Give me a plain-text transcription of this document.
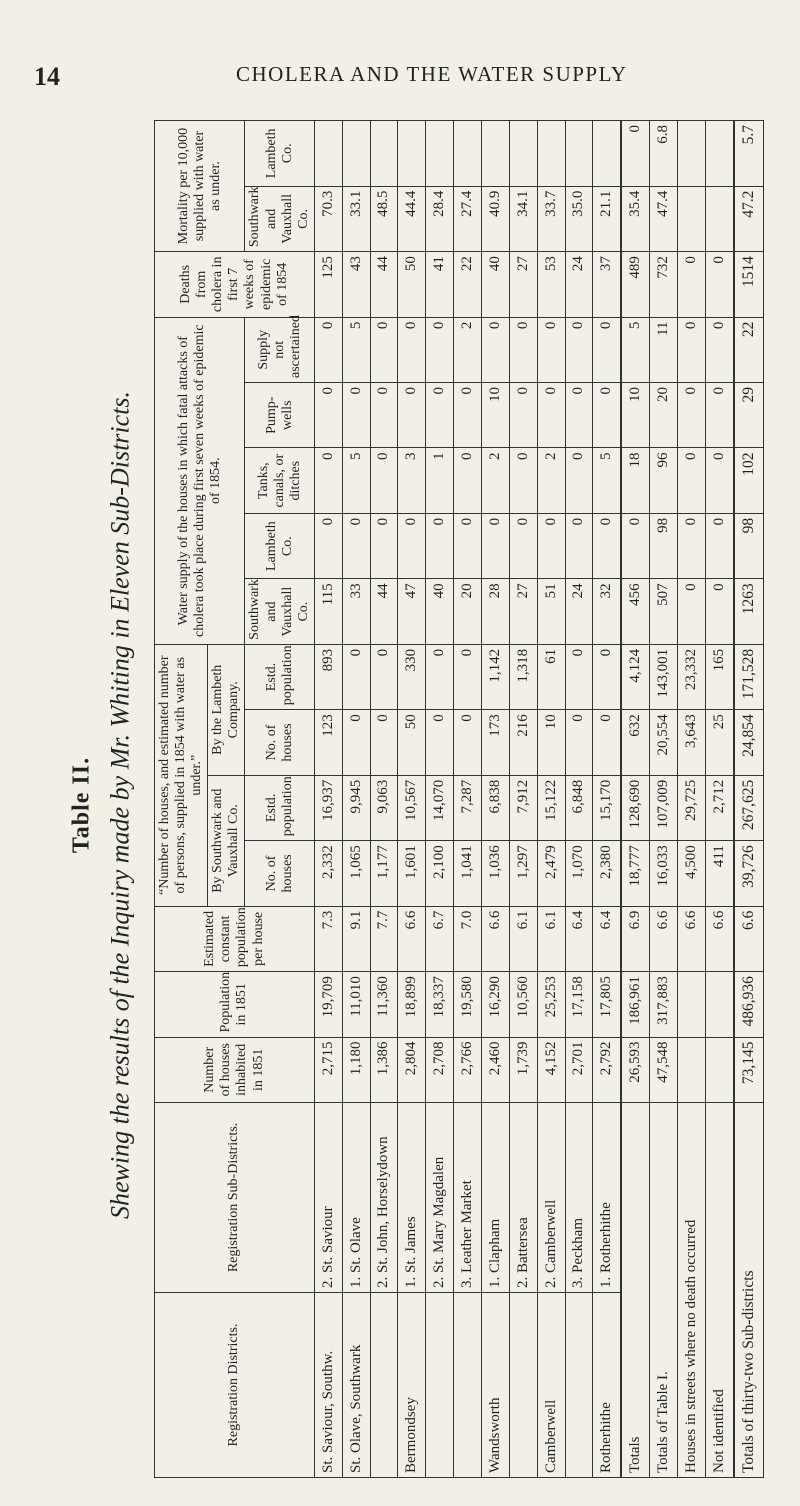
14	CHOLERA AND THE WATER SUPPLY
Table II. Shewing the results of the Inquiry made by Mr. Whiting in Eleven Sub-Districts.
Registration Districts.	Registration Sub-Districts.	Number of houses inhabited in 1851	Population in 1851	Estimated constant population per house	“Number of houses, and estimated number of persons, supplied in 1854 with water as under.”				Water supply of the houses in which fatal attacks of cholera took place during first seven weeks of epidemic of 1854.					Deaths from cholera in first 7 weeks of epidemic of 1854	Mortality per 10,000 supplied with water as under.	
					By Southwark and Vauxhall Co.		By the Lambeth Company.									
					No. of houses	Estd. population	No. of houses	Estd. population	Southwark and Vauxhall Co.	Lambeth Co.	Tanks, canals, or ditches	Pump-wells	Supply not ascertained		Southwark and Vauxhall Co.	Lambeth Co.
St. Saviour, Southw.	2. St. Saviour	2,715	19,709	7.3	2,332	16,937	123	893	115	0	0	0	0	125	70.3	
St. Olave, Southwark	1. St. Olave	1,180	11,010	9.1	1,065	9,945	0	0	33	0	5	0	5	43	33.1	
	2. St. John, Horselydown	1,386	11,360	7.7	1,177	9,063	0	0	44	0	0	0	0	44	48.5	
Bermondsey	1. St. James	2,804	18,899	6.6	1,601	10,567	50	330	47	0	3	0	0	50	44.4	
	2. St. Mary Magdalen	2,708	18,337	6.7	2,100	14,070	0	0	40	0	1	0	0	41	28.4	
	3. Leather Market	2,766	19,580	7.0	1,041	7,287	0	0	20	0	0	0	2	22	27.4	
Wandsworth	1. Clapham	2,460	16,290	6.6	1,036	6,838	173	1,142	28	0	2	10	0	40	40.9	
	2. Battersea	1,739	10,560	6.1	1,297	7,912	216	1,318	27	0	0	0	0	27	34.1	
Camberwell	2. Camberwell	4,152	25,253	6.1	2,479	15,122	10	61	51	0	2	0	0	53	33.7	
	3. Peckham	2,701	17,158	6.4	1,070	6,848	0	0	24	0	0	0	0	24	35.0	
Rotherhithe	1. Rotherhithe	2,792	17,805	6.4	2,380	15,170	0	0	32	0	5	0	0	37	21.1	
Totals		26,593	186,961	6.9	18,777	128,690	632	4,124	456	0	18	10	5	489	35.4	0
Totals of Table I.		47,548	317,883	6.6	16,033	107,009	20,554	143,001	507	98	96	20	11	732	47.4	6.8
Houses in streets where no death occurred				6.6	4,500	29,725	3,643	23,332	0	0	0	0	0	0		
Not identified				6.6	411	2,712	25	165	0	0	0	0	0	0		
Totals of thirty-two Sub-districts		73,145	486,936	6.6	39,726	267,625	24,854	171,528	1263	98	102	29	22	1514	47.2	5.7
